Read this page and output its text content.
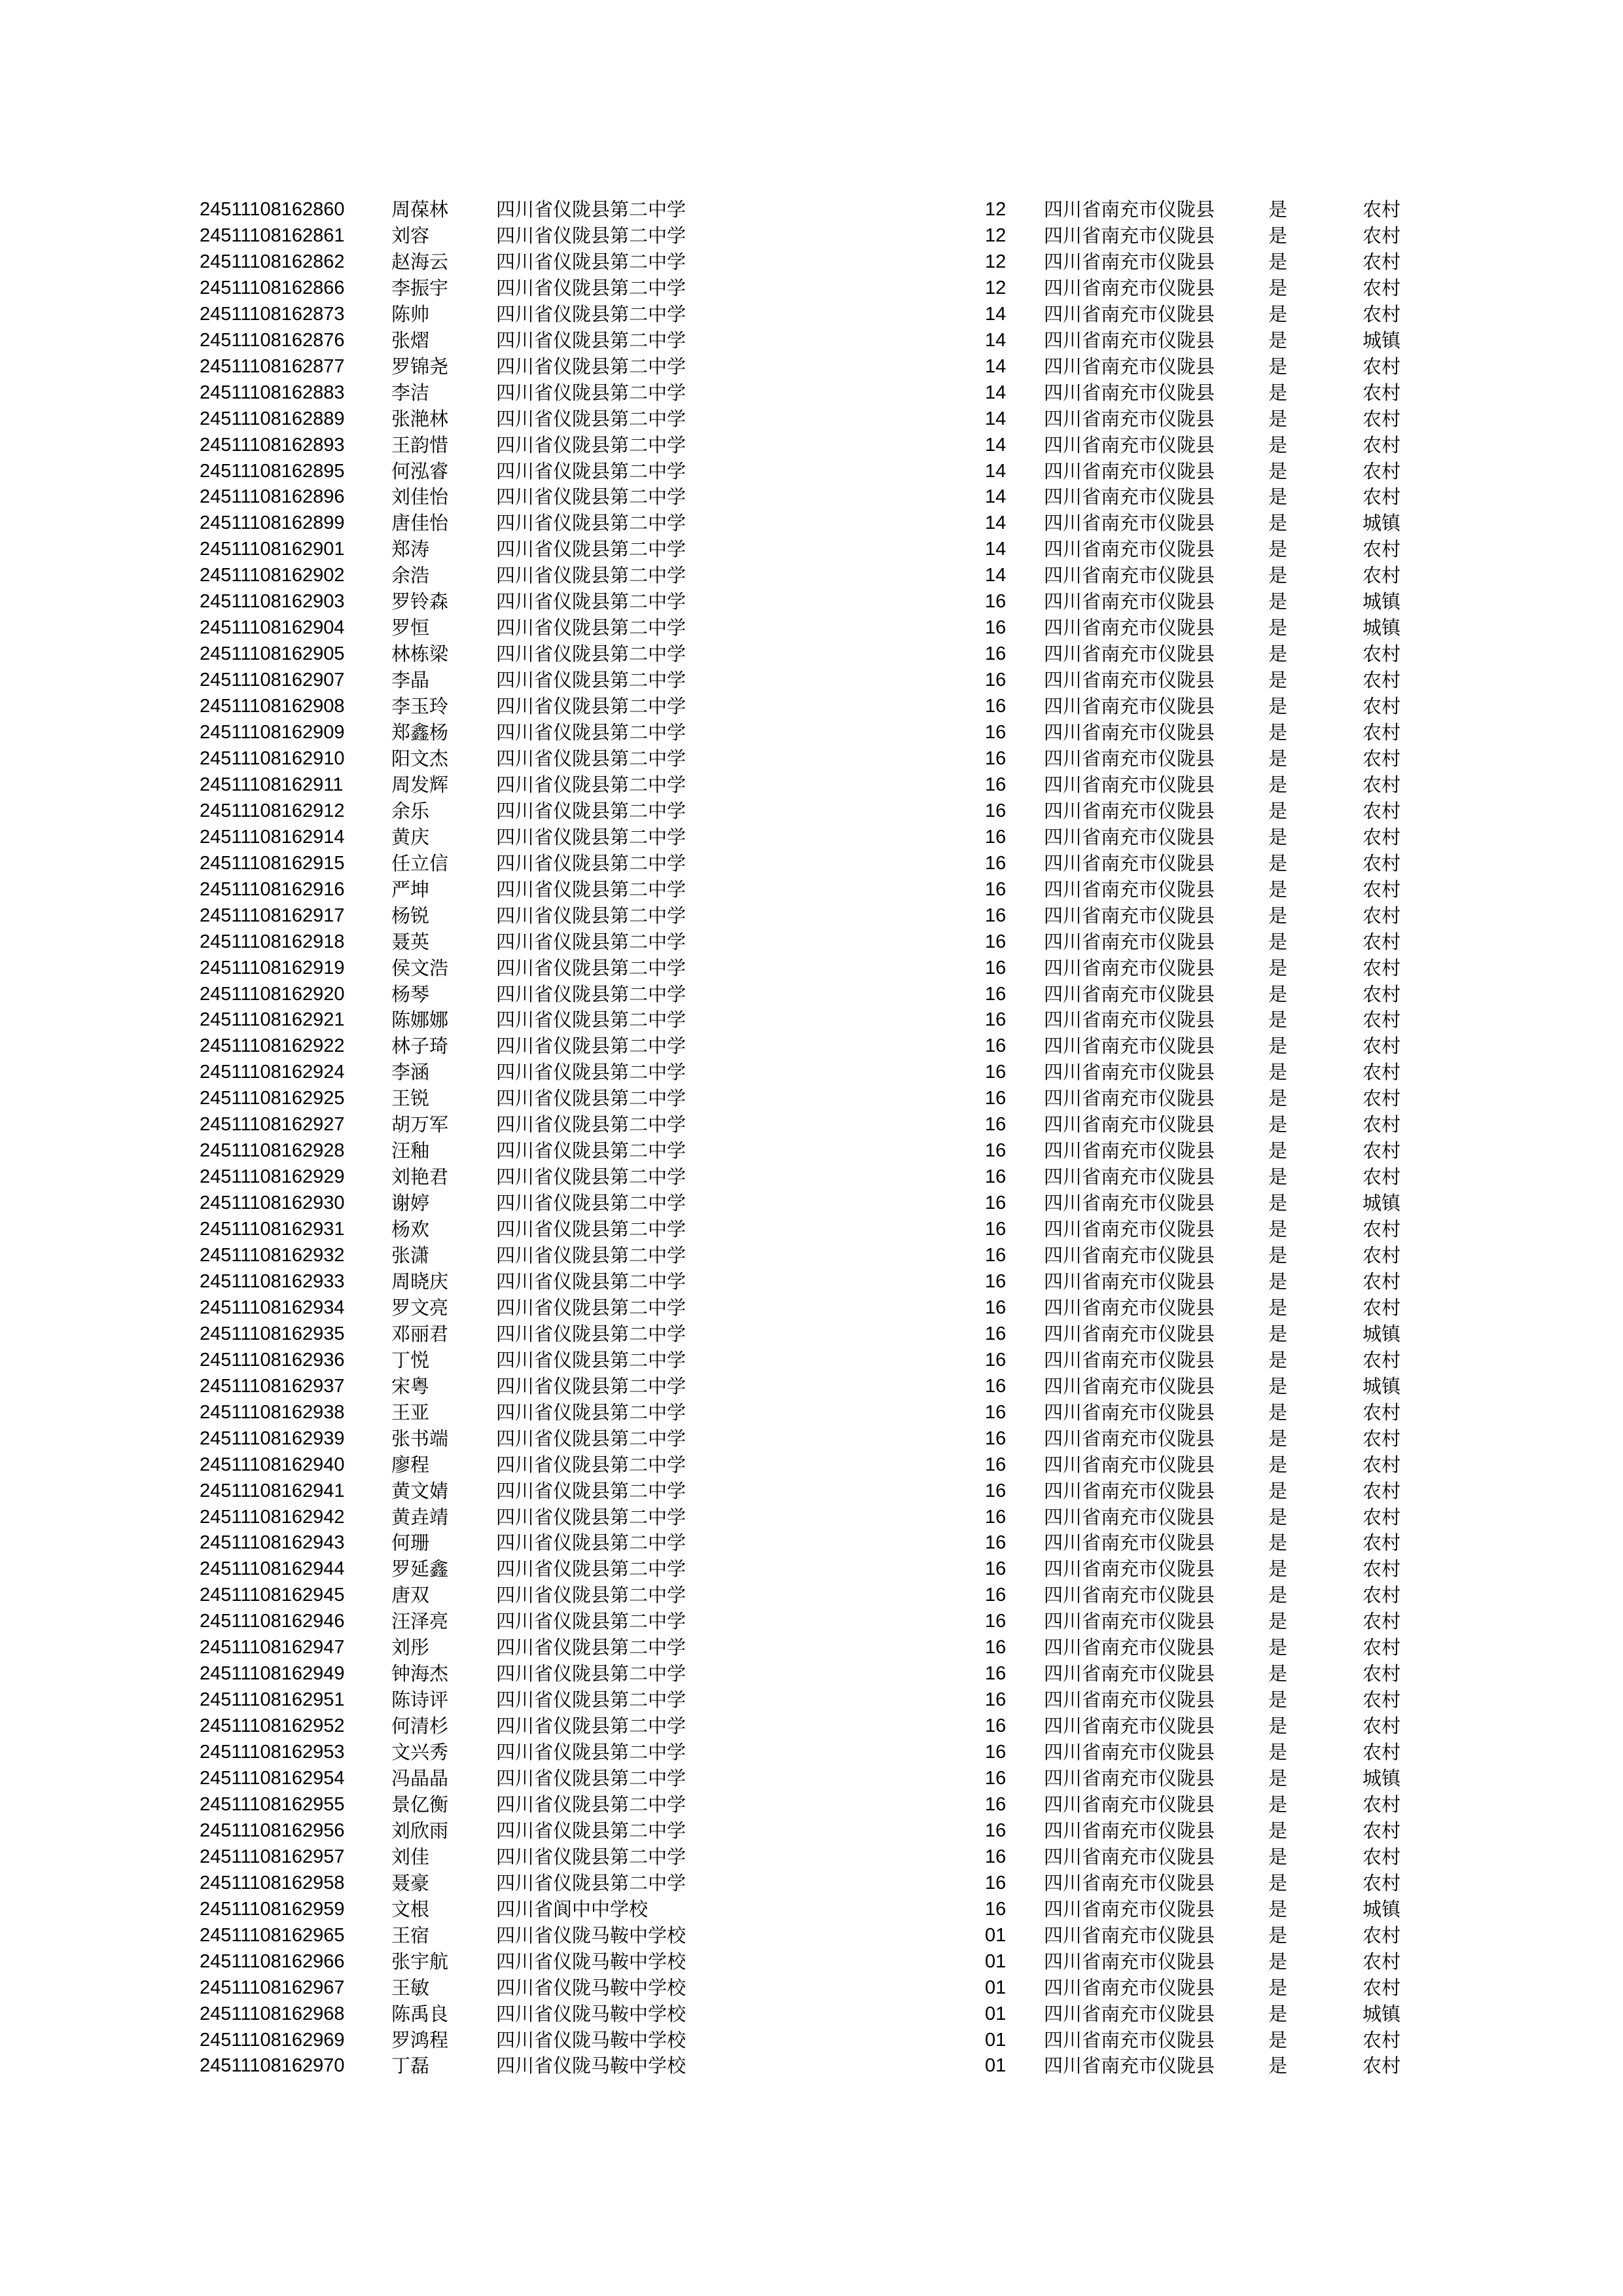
24511108162860 周葆林	四川省仪陇县第二中学	12 四川省南充市仪陇县	是	农村
24511108162861 刘容	四川省仪陇县第二中学	12 四川省南充市仪陇县	是	农村
24511108162862 赵海云	四川省仪陇县第二中学	12 四川省南充市仪陇县	是	农村
24511108162866 李振宇	四川省仪陇县第二中学	12 四川省南充市仪陇县	是	农村
24511108162873 陈帅	四川省仪陇县第二中学	14 四川省南充市仪陇县	是	农村
24511108162876 张熠	四川省仪陇县第二中学	14 四川省南充市仪陇县	是	城镇
24511108162877 罗锦尧	四川省仪陇县第二中学	14 四川省南充市仪陇县	是	农村
24511108162883 李洁	四川省仪陇县第二中学	14 四川省南充市仪陇县	是	农村
24511108162889 张滟林	四川省仪陇县第二中学	14 四川省南充市仪陇县	是	农村
24511108162893 王韵惜	四川省仪陇县第二中学	14 四川省南充市仪陇县	是	农村
24511108162895 何泓睿	四川省仪陇县第二中学	14 四川省南充市仪陇县	是	农村
24511108162896 刘佳怡	四川省仪陇县第二中学	14 四川省南充市仪陇县	是	农村
24511108162899 唐佳怡	四川省仪陇县第二中学	14 四川省南充市仪陇县	是	城镇
24511108162901 郑涛	四川省仪陇县第二中学	14 四川省南充市仪陇县	是	农村
24511108162902 余浩	四川省仪陇县第二中学	14 四川省南充市仪陇县	是	农村
24511108162903 罗铃森	四川省仪陇县第二中学	16 四川省南充市仪陇县	是	城镇
24511108162904 罗恒	四川省仪陇县第二中学	16 四川省南充市仪陇县	是	城镇
24511108162905 林栋梁	四川省仪陇县第二中学	16 四川省南充市仪陇县	是	农村
24511108162907 李晶	四川省仪陇县第二中学	16 四川省南充市仪陇县	是	农村
24511108162908 李玉玲	四川省仪陇县第二中学	16 四川省南充市仪陇县	是	农村
24511108162909 郑鑫杨	四川省仪陇县第二中学	16 四川省南充市仪陇县	是	农村
24511108162910 阳文杰	四川省仪陇县第二中学	16 四川省南充市仪陇县	是	农村
24511108162911	周发辉	四川省仪陇县第二中学	16 四川省南充市仪陇县	是	农村
24511108162912 余乐	四川省仪陇县第二中学	16 四川省南充市仪陇县	是	农村
24511108162914 黄庆	四川省仪陇县第二中学	16 四川省南充市仪陇县	是	农村
24511108162915 任立信	四川省仪陇县第二中学	16 四川省南充市仪陇县	是	农村
24511108162916 严坤	四川省仪陇县第二中学	16 四川省南充市仪陇县	是	农村
24511108162917 杨锐	四川省仪陇县第二中学	16 四川省南充市仪陇县	是	农村
24511108162918 聂英	四川省仪陇县第二中学	16 四川省南充市仪陇县	是	农村
24511108162919 侯文浩	四川省仪陇县第二中学	16 四川省南充市仪陇县	是	农村
24511108162920 杨琴	四川省仪陇县第二中学	16 四川省南充市仪陇县	是	农村
24511108162921 陈娜娜	四川省仪陇县第二中学	16 四川省南充市仪陇县	是	农村
24511108162922 林子琦	四川省仪陇县第二中学	16 四川省南充市仪陇县	是	农村
24511108162924 李涵	四川省仪陇县第二中学	16 四川省南充市仪陇县	是	农村
24511108162925 王锐	四川省仪陇县第二中学	16 四川省南充市仪陇县	是	农村
24511108162927 胡万军	四川省仪陇县第二中学	16 四川省南充市仪陇县	是	农村
24511108162928 汪釉	四川省仪陇县第二中学	16 四川省南充市仪陇县	是	农村
24511108162929 刘艳君	四川省仪陇县第二中学	16 四川省南充市仪陇县	是	农村
24511108162930 谢婷	四川省仪陇县第二中学	16 四川省南充市仪陇县	是	城镇
24511108162931 杨欢	四川省仪陇县第二中学	16 四川省南充市仪陇县	是	农村
24511108162932 张潇	四川省仪陇县第二中学	16 四川省南充市仪陇县	是	农村
24511108162933 周晓庆	四川省仪陇县第二中学	16 四川省南充市仪陇县	是	农村
24511108162934 罗文亮	四川省仪陇县第二中学	16 四川省南充市仪陇县	是	农村
24511108162935 邓丽君	四川省仪陇县第二中学	16 四川省南充市仪陇县	是	城镇
24511108162936 丁悦	四川省仪陇县第二中学	16 四川省南充市仪陇县	是	农村
24511108162937 宋粤	四川省仪陇县第二中学	16 四川省南充市仪陇县	是	城镇
24511108162938 王亚	四川省仪陇县第二中学	16 四川省南充市仪陇县	是	农村
24511108162939 张书端	四川省仪陇县第二中学	16 四川省南充市仪陇县	是	农村
24511108162940 廖程	四川省仪陇县第二中学	16 四川省南充市仪陇县	是	农村
24511108162941 黄文婧	四川省仪陇县第二中学	16 四川省南充市仪陇县	是	农村
24511108162942 黄垚靖	四川省仪陇县第二中学	16 四川省南充市仪陇县	是	农村
24511108162943 何珊	四川省仪陇县第二中学	16 四川省南充市仪陇县	是	农村
24511108162944 罗延鑫	四川省仪陇县第二中学	16 四川省南充市仪陇县	是	农村
24511108162945 唐双	四川省仪陇县第二中学	16 四川省南充市仪陇县	是	农村
24511108162946 汪泽亮	四川省仪陇县第二中学	16 四川省南充市仪陇县	是	农村
24511108162947 刘彤	四川省仪陇县第二中学	16 四川省南充市仪陇县	是	农村
24511108162949 钟海杰	四川省仪陇县第二中学	16 四川省南充市仪陇县	是	农村
24511108162951 陈诗评	四川省仪陇县第二中学	16 四川省南充市仪陇县	是	农村
24511108162952 何清杉	四川省仪陇县第二中学	16 四川省南充市仪陇县	是	农村
24511108162953 文兴秀	四川省仪陇县第二中学	16 四川省南充市仪陇县	是	农村
24511108162954 冯晶晶	四川省仪陇县第二中学	16 四川省南充市仪陇县	是	城镇
24511108162955 景亿衡	四川省仪陇县第二中学	16 四川省南充市仪陇县	是	农村
24511108162956 刘欣雨	四川省仪陇县第二中学	16 四川省南充市仪陇县	是	农村
24511108162957 刘佳	四川省仪陇县第二中学	16 四川省南充市仪陇县	是	农村
24511108162958 聂豪	四川省仪陇县第二中学	16 四川省南充市仪陇县	是	农村
24511108162959 文根	四川省阆中中学校	16 四川省南充市仪陇县	是	城镇
24511108162965 王宿	四川省仪陇马鞍中学校	01 四川省南充市仪陇县	是	农村
24511108162966 张宇航	四川省仪陇马鞍中学校	01 四川省南充市仪陇县	是	农村
24511108162967 王敏	四川省仪陇马鞍中学校	01 四川省南充市仪陇县	是	农村
24511108162968 陈禹良	四川省仪陇马鞍中学校	01 四川省南充市仪陇县	是	城镇
24511108162969 罗鸿程	四川省仪陇马鞍中学校	01 四川省南充市仪陇县	是	农村
24511108162970 丁磊	四川省仪陇马鞍中学校	01 四川省南充市仪陇县	是	农村
